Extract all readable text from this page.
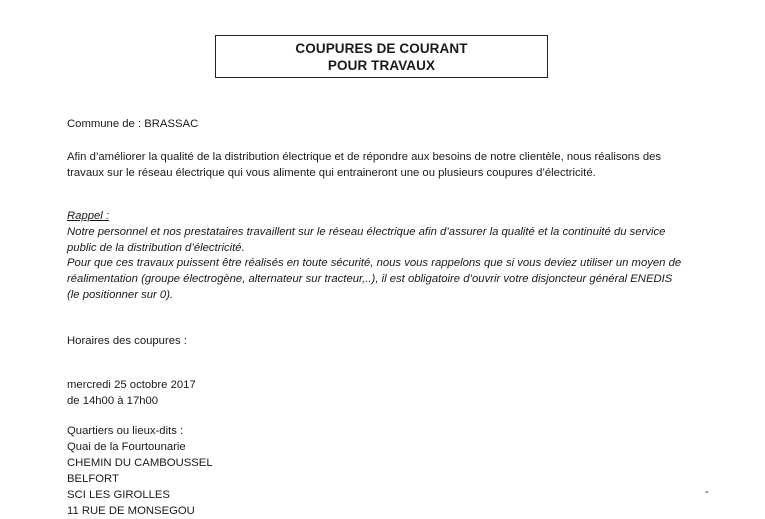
COUPURES DE COURANT
POUR TRAVAUX
Commune de : BRASSAC
Afin d’améliorer la qualité de la distribution électrique et de répondre aux besoins de notre clientèle, nous réalisons des
travaux sur le réseau électrique qui vous alimente qui entraineront une ou plusieurs coupures d’électricité.
Rappel :
Notre personnel et nos prestataires travaillent sur le réseau électrique afin d’assurer la qualité et la continuité du service
public de la distribution d’électricité.
Pour que ces travaux puissent être réalisés en toute sécurité, nous vous rappelons que si vous deviez utiliser un moyen de
réalimentation (groupe électrogène, alternateur sur tracteur,..), il est obligatoire d’ouvrir votre disjoncteur général ENEDIS
(le positionner sur 0).
Horaires des coupures :
mercredi 25 octobre 2017
de 14h00 à 17h00
Quartiers ou lieux-dits :
Quai de la Fourtounarie
CHEMIN DU CAMBOUSSEL
BELFORT
SCI LES GIROLLES
11 RUE DE MONSEGOU
-
